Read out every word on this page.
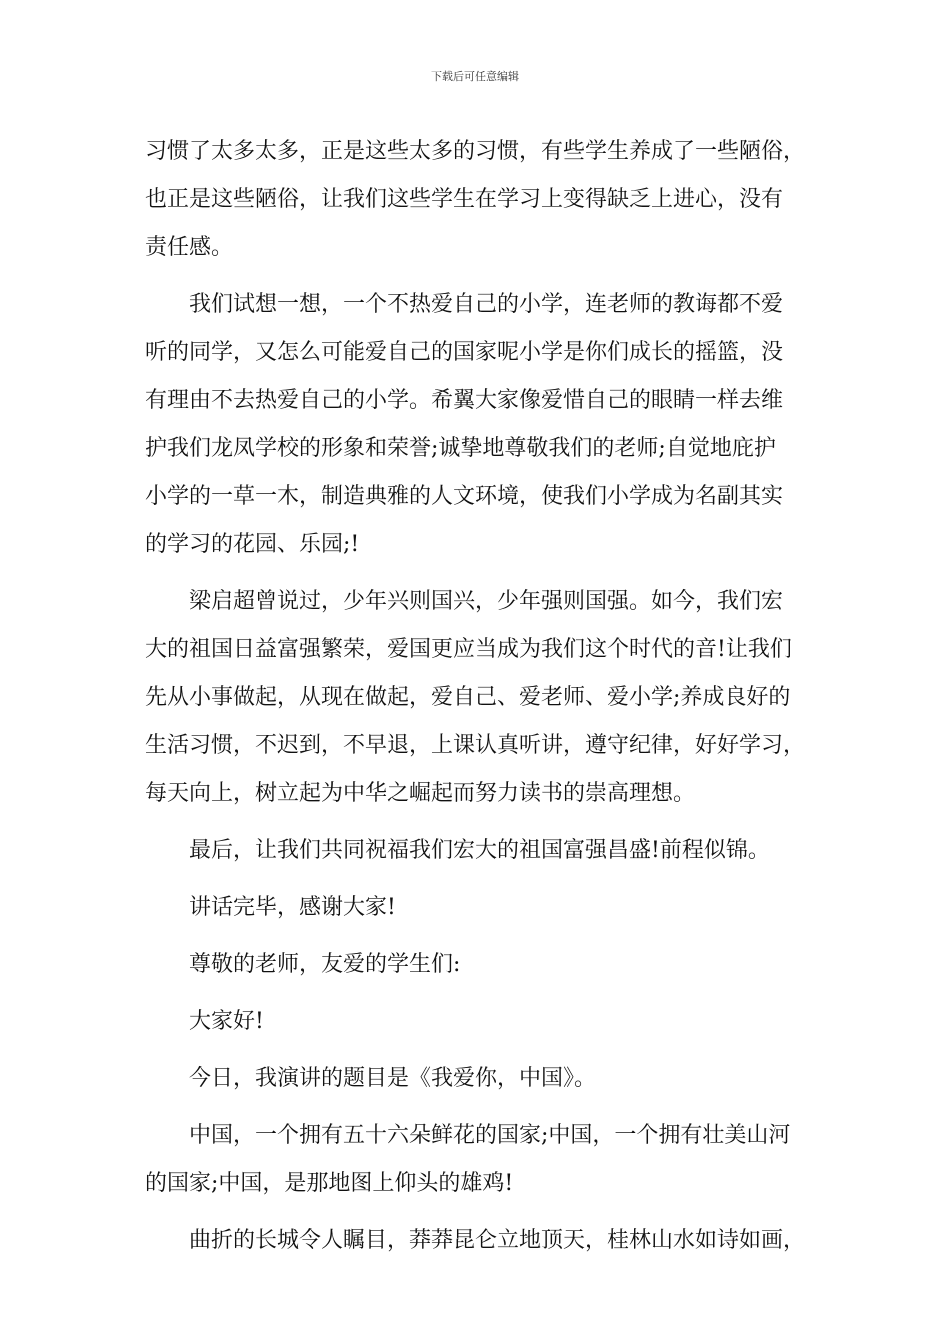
下载后可任意编辑

习惯了太多太多，正是这些太多的习惯，有些学生养成了一些陋俗，
也正是这些陋俗，让我们这些学生在学习上变得缺乏上进心，没有
责任感。

我们试想一想，一个不热爱自己的小学，连老师的教诲都不爱
听的同学，又怎么可能爱自己的国家呢小学是你们成长的摇篮，没
有理由不去热爱自己的小学。希翼大家像爱惜自己的眼睛一样去维
护我们龙凤学校的形象和荣誉;诚挚地尊敬我们的老师;自觉地庇护
小学的一草一木，制造典雅的人文环境，使我们小学成为名副其实
的学习的花园、乐园;!

梁启超曾说过，少年兴则国兴，少年强则国强。如今，我们宏
大的祖国日益富强繁荣，爱国更应当成为我们这个时代的音!让我们
先从小事做起，从现在做起，爱自己、爱老师、爱小学;养成良好的
生活习惯，不迟到，不早退，上课认真听讲，遵守纪律，好好学习，
每天向上，树立起为中华之崛起而努力读书的崇高理想。

最后，让我们共同祝福我们宏大的祖国富强昌盛!前程似锦。

讲话完毕，感谢大家!

尊敬的老师，友爱的学生们:

大家好!

今日，我演讲的题目是《我爱你，中国》。

中国，一个拥有五十六朵鲜花的国家;中国，一个拥有壮美山河
的国家;中国，是那地图上仰头的雄鸡!

曲折的长城令人瞩目，莽莽昆仑立地顶天，桂林山水如诗如画，
